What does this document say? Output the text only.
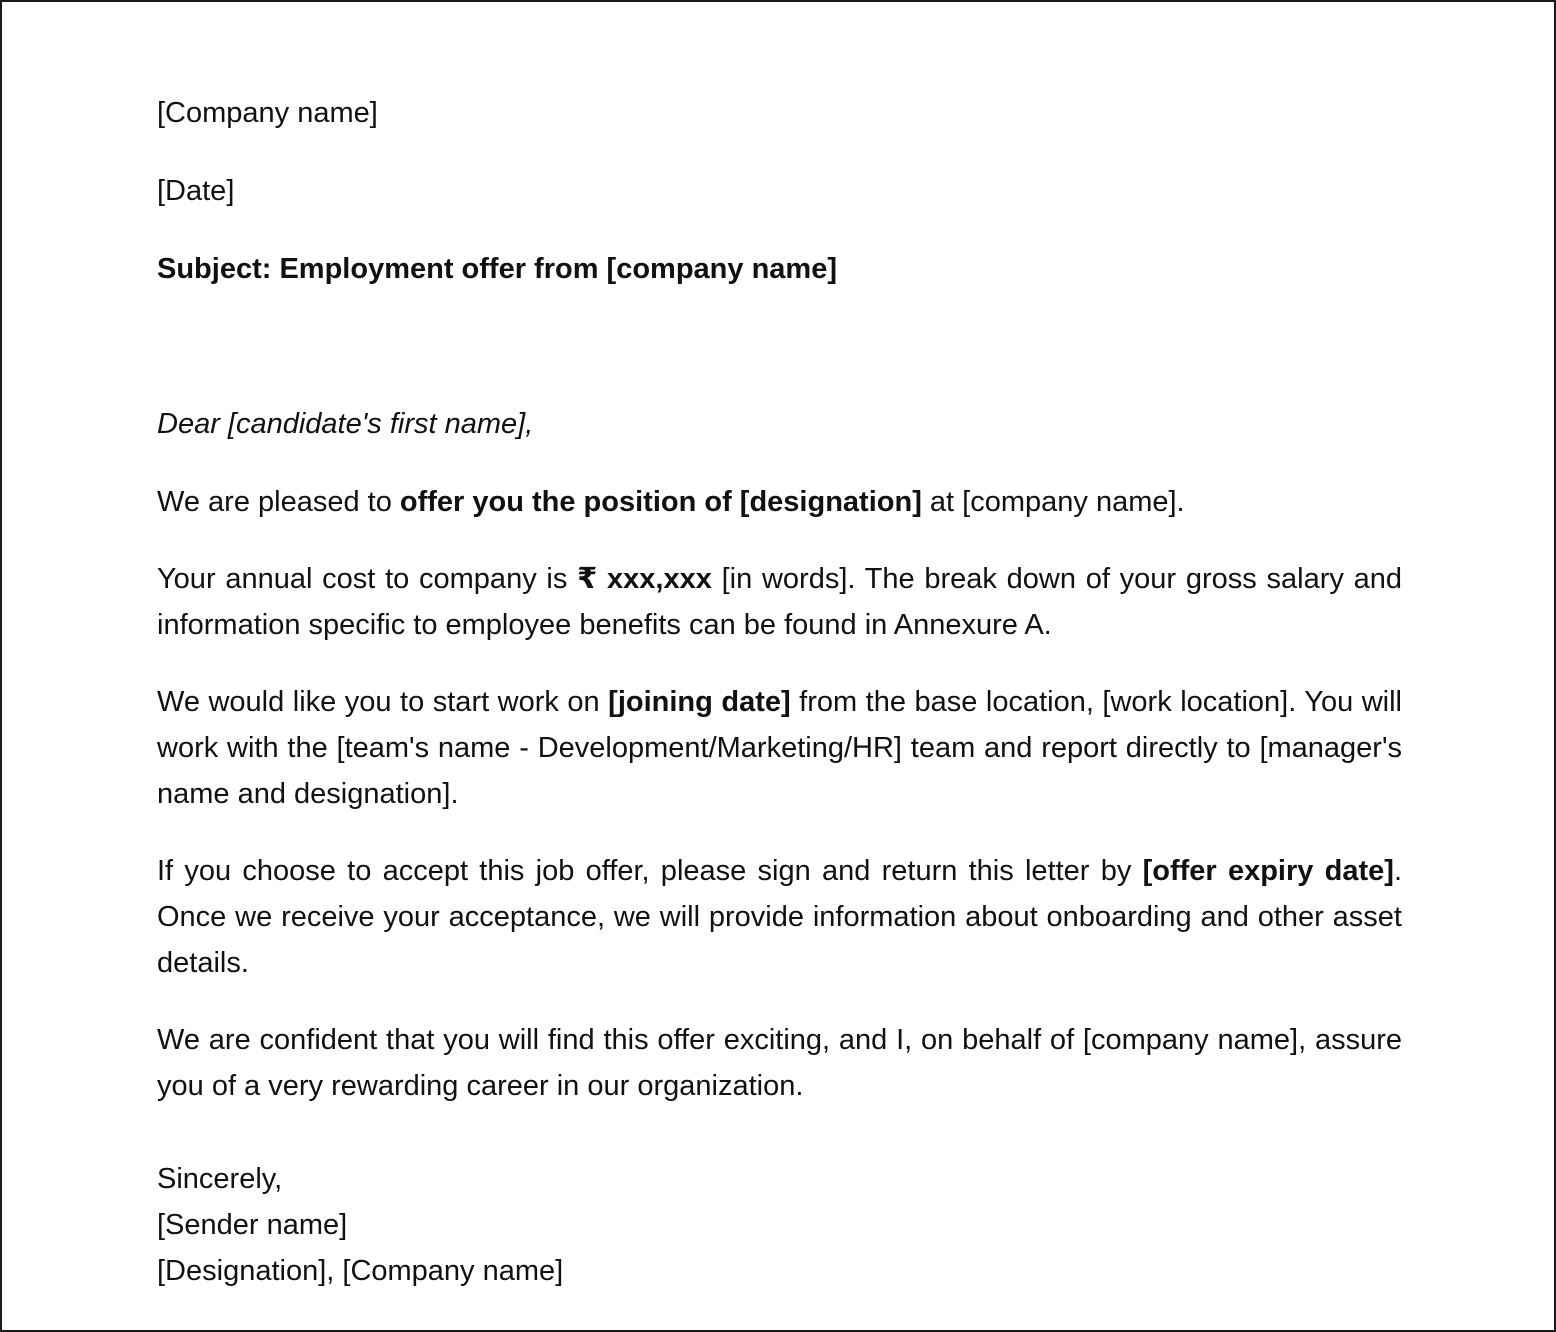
[Company name]

[Date]

Subject: Employment offer from [company name]

Dear [candidate's first name],

We are pleased to offer you the position of [designation] at [company name].

Your annual cost to company is ₹ xxx,xxx [in words]. The break down of your gross salary and information specific to employee benefits can be found in Annexure A.

We would like you to start work on [joining date] from the base location, [work location]. You will work with the [team's name - Development/Marketing/HR] team and report directly to [manager's name and designation].

If you choose to accept this job offer, please sign and return this letter by [offer expiry date]. Once we receive your acceptance, we will provide information about onboarding and other asset details.

We are confident that you will find this offer exciting, and I, on behalf of [company name], assure you of a very rewarding career in our organization.

Sincerely,

[Sender name]

[Designation], [Company name]
